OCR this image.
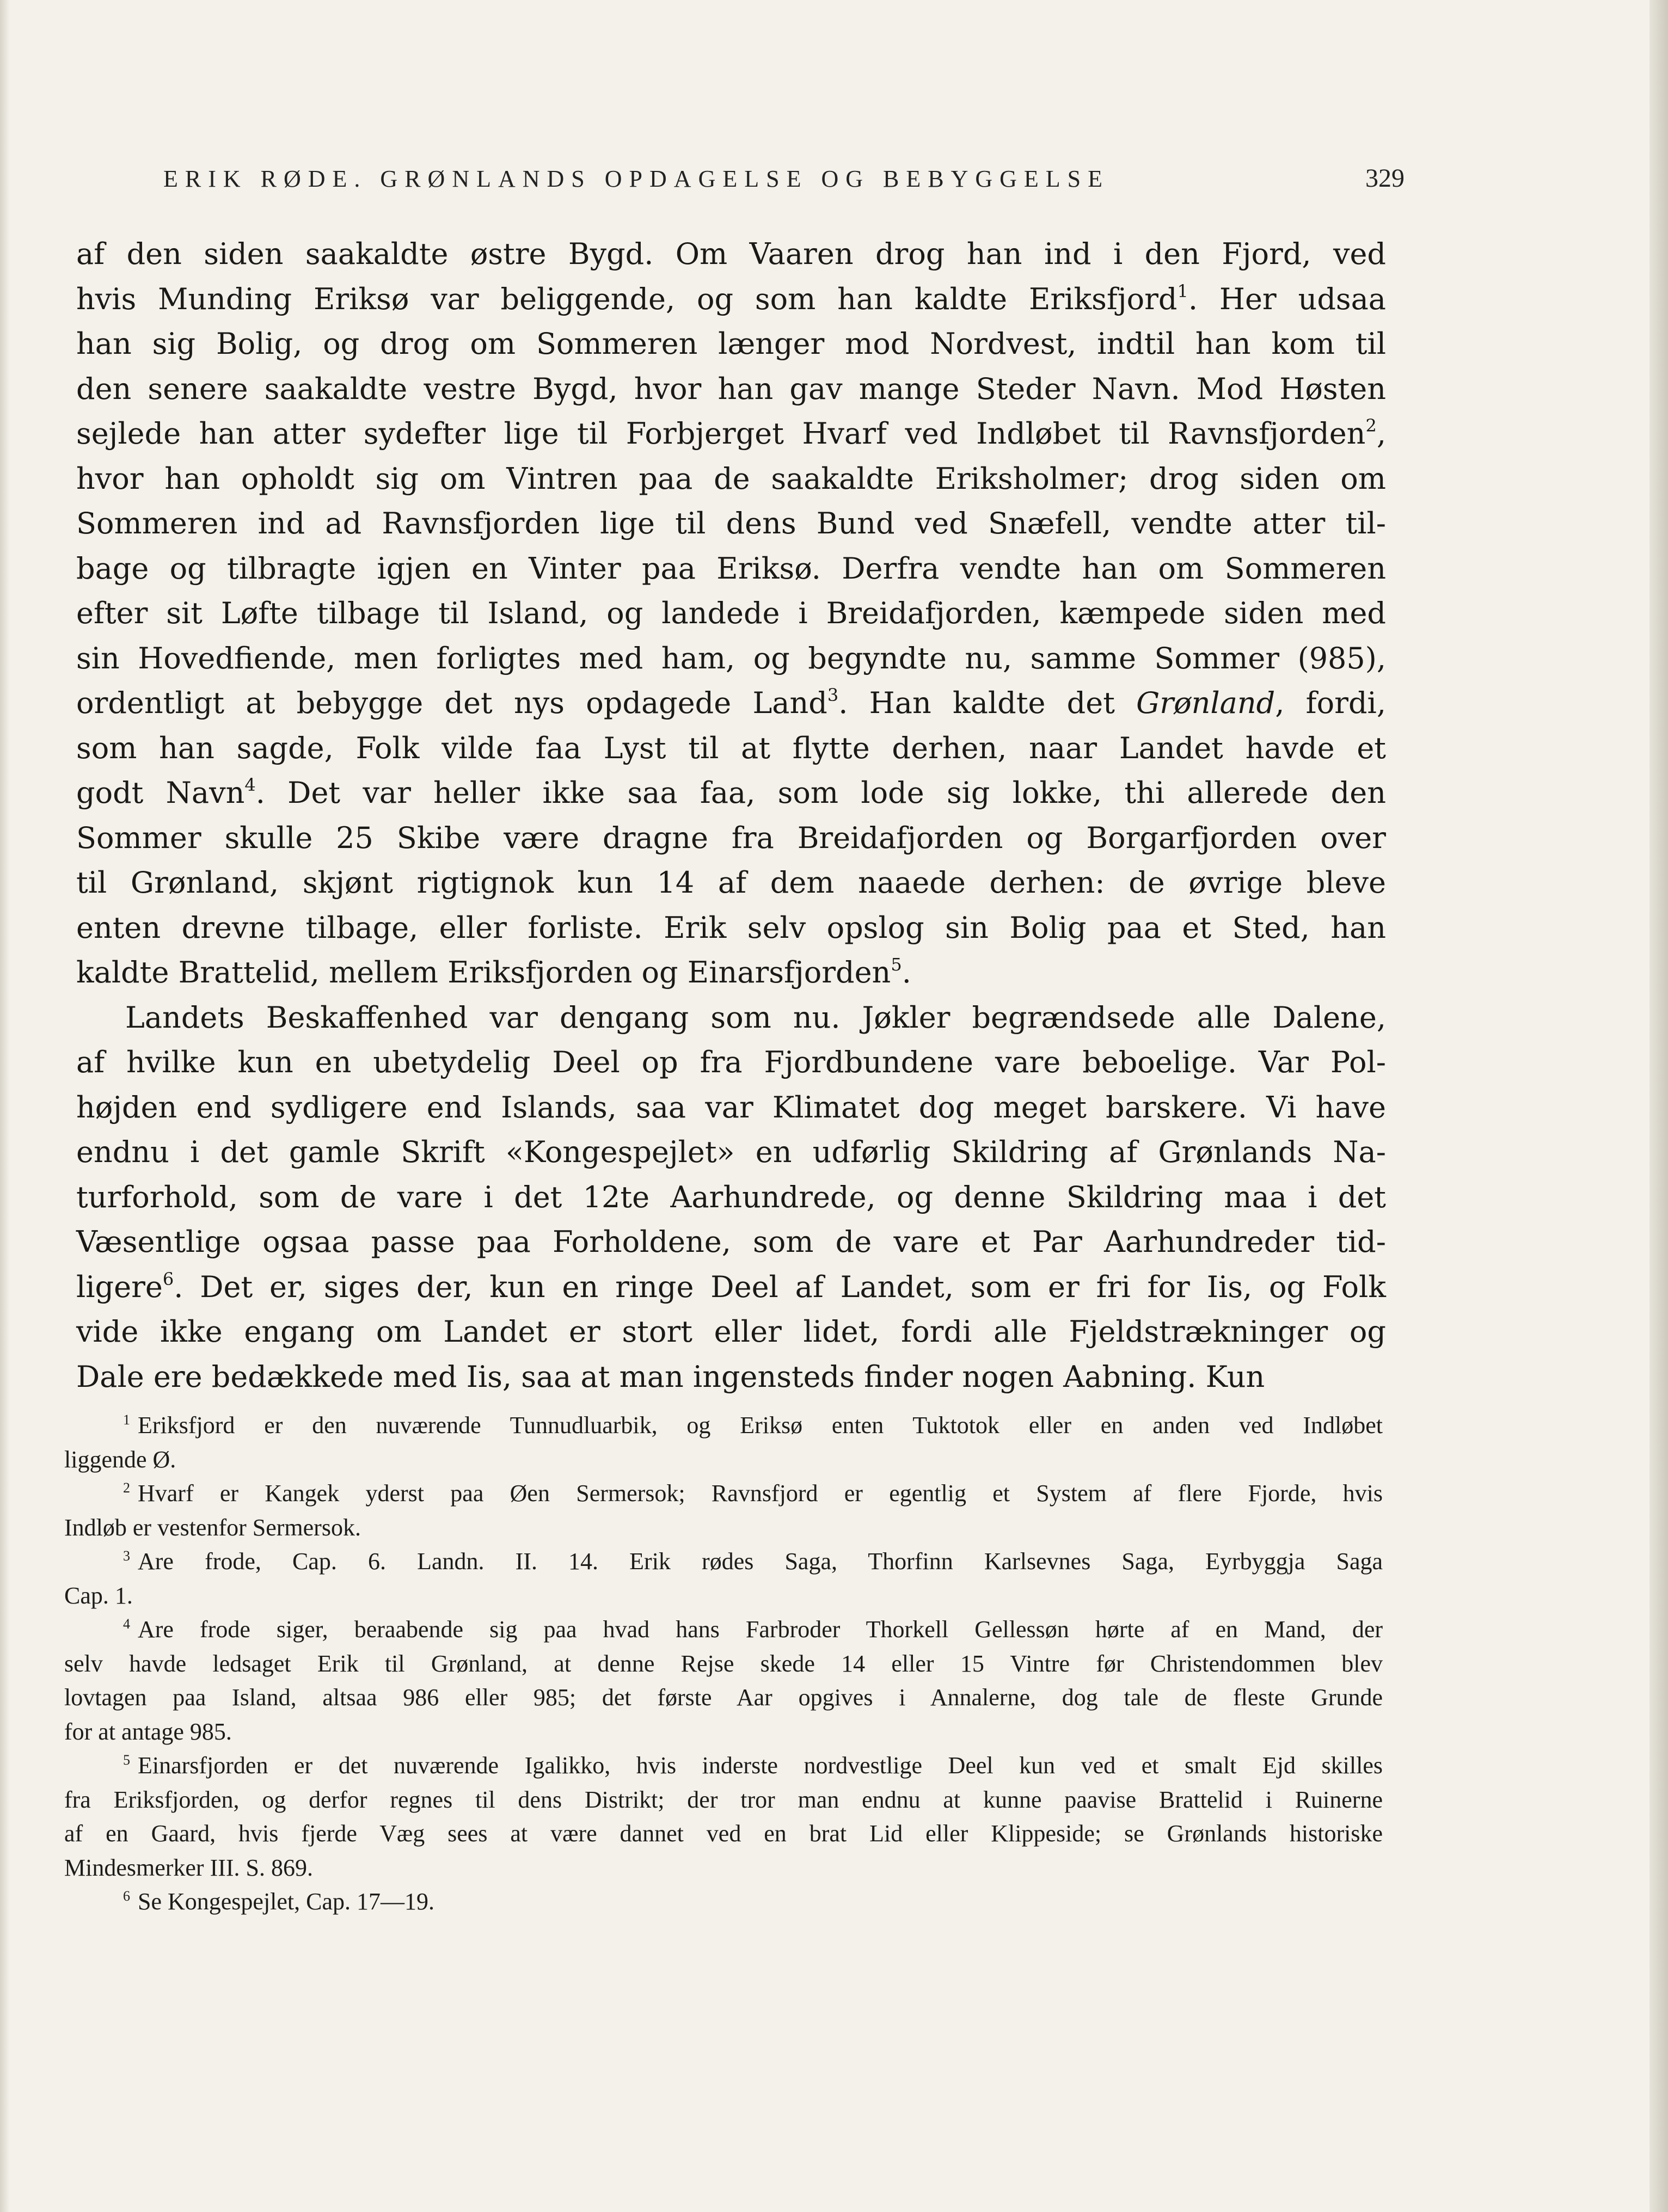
ERIK RØDE. GRØNLANDS OPDAGELSE OG BEBYGGELSE	329
af den siden saakaldte østre Bygd. Om Vaaren drog han ind i den Fjord, ved
hvis Munding Eriksø var beliggende, og som han kaldte Eriksfjord$^1$. Her udsaa
han sig Bolig, og drog om Sommeren længer mod Nordvest, indtil han kom til
den senere saakaldte vestre Bygd, hvor han gav mange Steder Navn. Mod Høsten
sejlede han atter sydefter lige til Forbjerget Hvarf ved Indløbet til Ravnsfjorden$^2$,
hvor han opholdt sig om Vintren paa de saakaldte Eriksholmer; drog siden om
Sommeren ind ad Ravnsfjorden lige til dens Bund ved Snæfell, vendte atter til-
bage og tilbragte igjen en Vinter paa Eriksø. Derfra vendte han om Sommeren
efter sit Løfte tilbage til Island, og landede i Breidafjorden, kæmpede siden med
sin Hovedfiende, men forligtes med ham, og begyndte nu, samme Sommer (985),
ordentligt at bebygge det nys opdagede Land$^3$. Han kaldte det Grønland, fordi,
som han sagde, Folk vilde faa Lyst til at flytte derhen, naar Landet havde et
godt Navn$^4$. Det var heller ikke saa faa, som lode sig lokke, thi allerede den
Sommer skulle 25 Skibe være dragne fra Breidafjorden og Borgarfjorden over
til Grønland, skjønt rigtignok kun 14 af dem naaede derhen: de øvrige bleve
enten drevne tilbage, eller forliste. Erik selv opslog sin Bolig paa et Sted, han
kaldte Brattelid, mellem Eriksfjorden og Einarsfjorden$^5$.
Landets Beskaffenhed var dengang som nu. Jøkler begrændsede alle Dalene,
af hvilke kun en ubetydelig Deel op fra Fjordbundene vare beboelige. Var Pol-
højden end sydligere end Islands, saa var Klimatet dog meget barskere. Vi have
endnu i det gamle Skrift «Kongespejlet» en udførlig Skildring af Grønlands Na-
turforhold, som de vare i det 12te Aarhundrede, og denne Skildring maa i det
Væsentlige ogsaa passe paa Forholdene, som de vare et Par Aarhundreder tid-
ligere$^6$. Det er, siges der, kun en ringe Deel af Landet, som er fri for Iis, og Folk
vide ikke engang om Landet er stort eller lidet, fordi alle Fjeldstrækninger og
Dale ere bedækkede med Iis, saa at man ingensteds finder nogen Aabning. Kun
$^1$ Eriksfjord er den nuværende Tunnudluarbik, og Eriksø enten Tuktotok eller en anden ved Indløbet
liggende Ø.
$^2$ Hvarf er Kangek yderst paa Øen Sermersok; Ravnsfjord er egentlig et System af flere Fjorde, hvis
Indløb er vestenfor Sermersok.
$^3$ Are frode, Cap. 6. Landn. II. 14. Erik rødes Saga, Thorfinn Karlsevnes Saga, Eyrbyggja Saga
Cap. 1.
$^4$ Are frode siger, beraabende sig paa hvad hans Farbroder Thorkell Gellessøn hørte af en Mand, der
selv havde ledsaget Erik til Grønland, at denne Rejse skede 14 eller 15 Vintre før Christendommen blev
lovtagen paa Island, altsaa 986 eller 985; det første Aar opgives i Annalerne, dog tale de fleste Grunde
for at antage 985.
$^5$ Einarsfjorden er det nuværende Igalikko, hvis inderste nordvestlige Deel kun ved et smalt Ejd skilles
fra Eriksfjorden, og derfor regnes til dens Distrikt; der tror man endnu at kunne paavise Brattelid i Ruinerne
af en Gaard, hvis fjerde Væg sees at være dannet ved en brat Lid eller Klippeside; se Grønlands historiske
Mindesmerker III. S. 869.
$^6$ Se Kongespejlet, Cap. 17—19.
